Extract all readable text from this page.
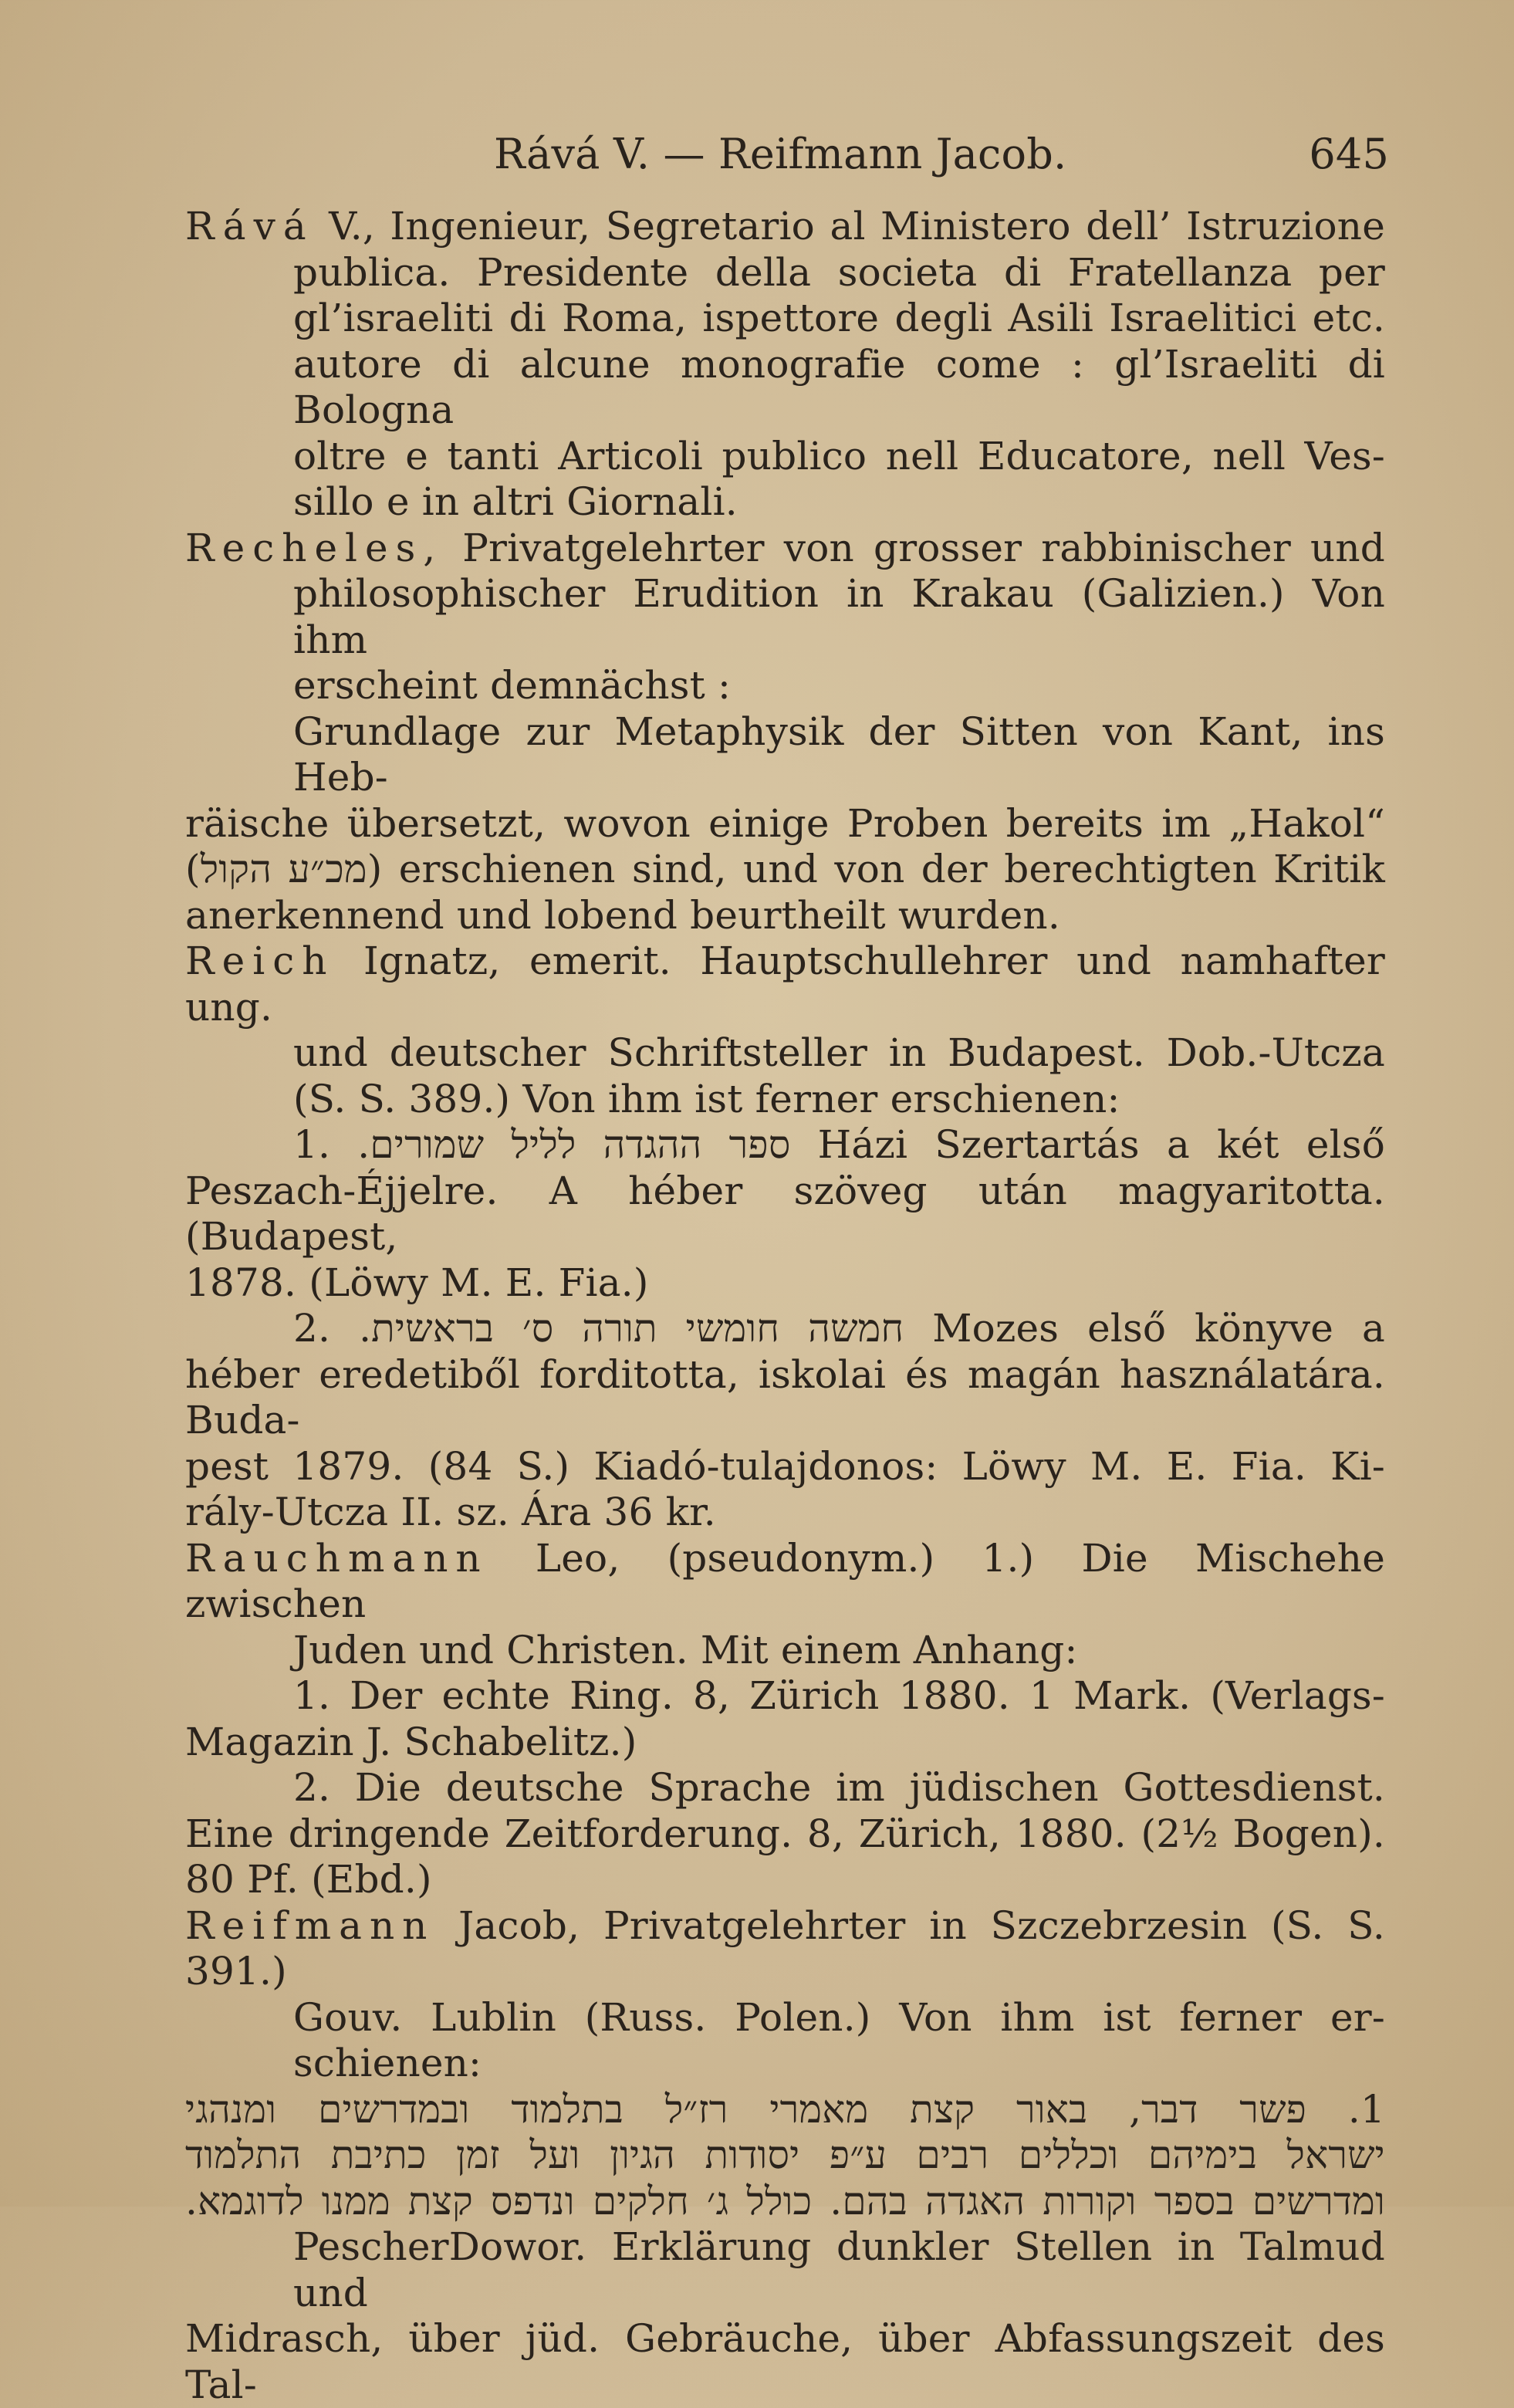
Rává V. — Reifmann Jacob.	645
Rává V., Ingenieur, Segretario al Ministero dell’ Istruzione
publica. Presidente della societa di Fratellanza per
gl’israeliti di Roma, ispettore degli Asili Israelitici etc.
autore di alcune monografie come : gl’Israeliti di Bologna
oltre e tanti Articoli publico nell Educatore, nell Ves-
sillo e in altri Giornali.
Recheles, Privatgelehrter von grosser rabbinischer und
philosophischer Erudition in Krakau (Galizien.) Von ihm
erscheint demnächst :
Grundlage zur Metaphysik der Sitten von Kant, ins Heb-
räische übersetzt, wovon einige Proben bereits im „Hakol“
(מכ״ע הקול) erschienen sind, und von der berechtigten Kritik
anerkennend und lobend beurtheilt wurden.
Reich Ignatz, emerit. Hauptschullehrer und namhafter ung.
und deutscher Schriftsteller in Budapest. Dob.-Utcza
(S. S. 389.) Von ihm ist ferner erschienen:
1. ספר ההגדה לליל שמורים. Házi Szertartás a két első
Peszach-Éjjelre. A héber szöveg után magyaritotta. (Budapest,
1878. (Löwy M. E. Fia.)
2. חמשה חומשי תורה ס׳ בראשית. Mozes első könyve a
héber eredetiből forditotta, iskolai és magán használatára. Buda-
pest 1879. (84 S.) Kiadó-tulajdonos: Löwy M. E. Fia. Ki-
rály-Utcza II. sz. Ára 36 kr.
Rauchmann Leo, (pseudonym.) 1.) Die Mischehe zwischen
Juden und Christen. Mit einem Anhang:
1. Der echte Ring. 8, Zürich 1880. 1 Mark. (Verlags-
Magazin J. Schabelitz.)
2. Die deutsche Sprache im jüdischen Gottesdienst.
Eine dringende Zeitforderung. 8, Zürich, 1880. (2½ Bogen).
80 Pf. (Ebd.)
Reifmann Jacob, Privatgelehrter in Szczebrzesin (S. S. 391.)
Gouv. Lublin (Russ. Polen.) Von ihm ist ferner er-
schienen:
1. פשר דבר, באור קצת מאמרי רז״ל בתלמוד ובמדרשים ומנהגי
ישראל בימיהם וכללים רבים ע״פ יסודות הגיון ועל זמן כתיבת התלמוד
ומדרשים בספר וקורות האגדה בהם. כולל ג׳ חלקים ונדפס קצת ממנו לדוגמא.
PescherDowor. Erklärung dunkler Stellen in Talmud und
Midrasch, über jüd. Gebräuche, über Abfassungszeit des Tal-
